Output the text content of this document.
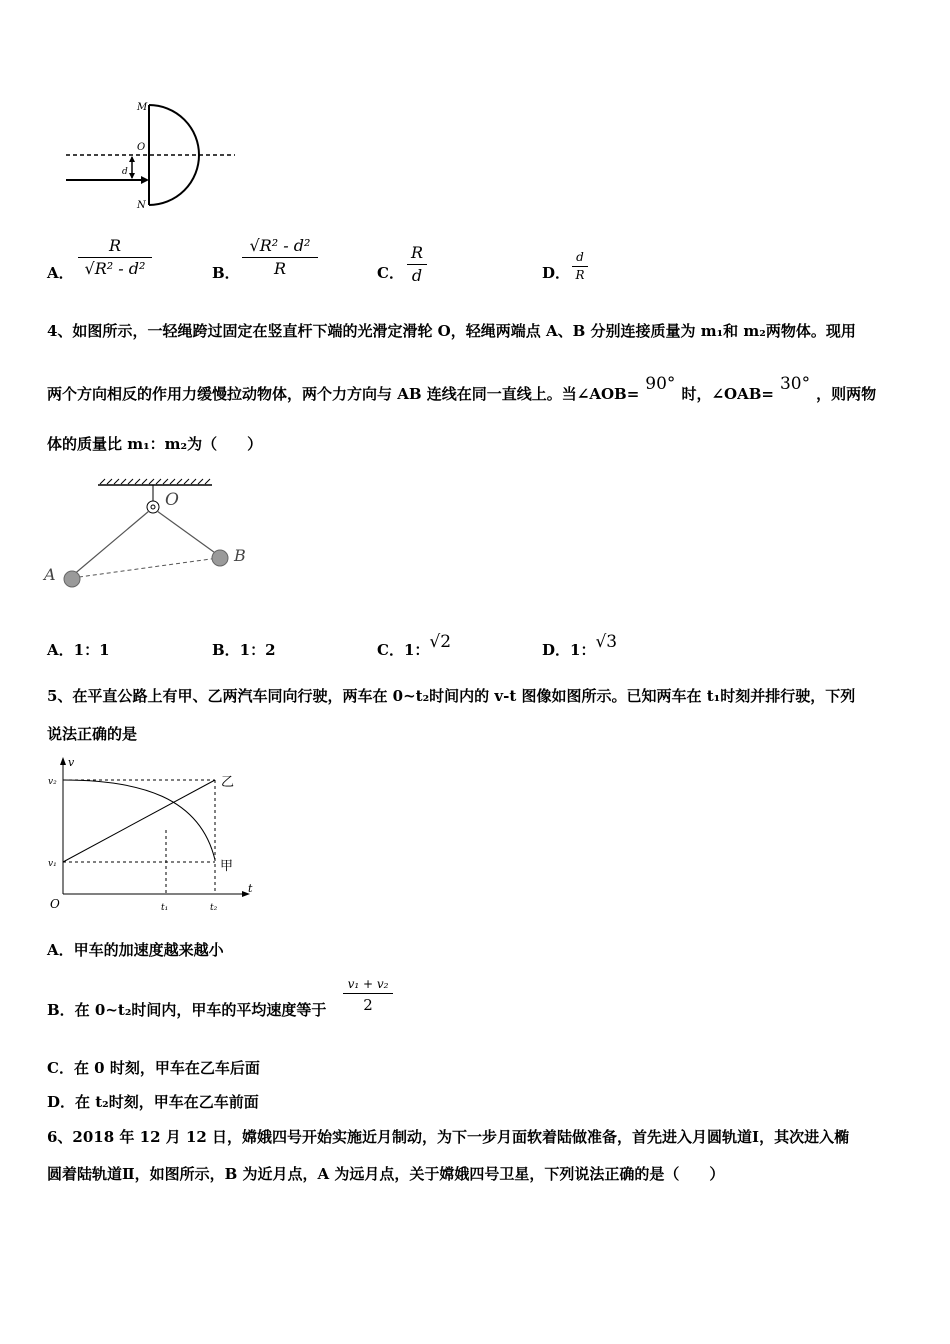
M
O
N
d
A．
R
√R² - d²	B．
√R² - d²
R	C．
R
d	D．
d
R
4、如图所示，一轻绳跨过固定在竖直杆下端的光滑定滑轮 O，轻绳两端点 A、B 分别连接质量为 m₁和 m₂两物体。现用
两个方向相反的作用力缓慢拉动物体，两个力方向与 AB 连线在同一直线上。当∠AOB= 90° 时，∠OAB= 30° ，则两物
体的质量比 m₁：m₂为（　　）
O
A
B
A．1：1	B．1：2	C．1：√2	D．1：√3
5、在平直公路上有甲、乙两汽车同向行驶，两车在 0~t₂时间内的 v-t 图像如图所示。已知两车在 t₁时刻并排行驶，下列
说法正确的是
v
t
v₂
v₁
O	t₁	t₂
乙
甲
A．甲车的加速度越来越小
B．在 0~t₂时间内，甲车的平均速度等于
v₁ + v₂
2
C．在 0 时刻，甲车在乙车后面
D．在 t₂时刻，甲车在乙车前面
6、2018 年 12 月 12 日，嫦娥四号开始实施近月制动，为下一步月面软着陆做准备，首先进入月圆轨道Ⅰ，其次进入椭
圆着陆轨道Ⅱ，如图所示，B 为近月点，A 为远月点，关于嫦娥四号卫星，下列说法正确的是（　　）
